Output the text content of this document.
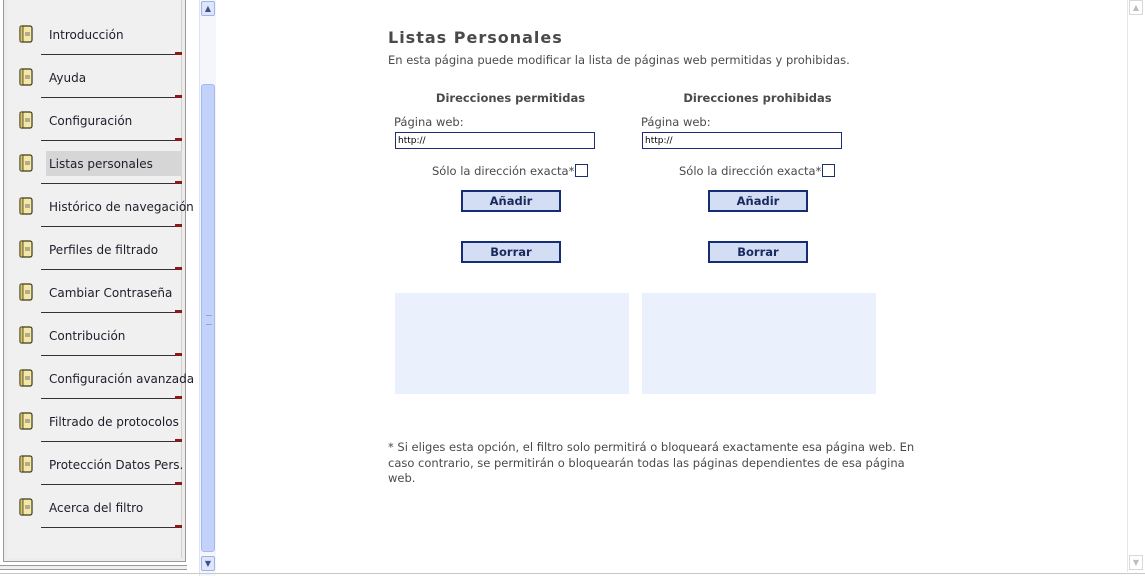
Introducción
Ayuda
Configuración
Listas personales
Histórico de navegación
Perfiles de filtrado
Cambiar Contraseña
Contribución
Configuración avanzada
Filtrado de protocolos
Protección Datos Pers.
Acerca del filtro
▲
▼
Listas Personales
En esta página puede modificar la lista de páginas web permitidas y prohibidas.
Direcciones permitidas
Página web:
http://
Sólo la dirección exacta*
Añadir
Borrar
Direcciones prohibidas
Página web:
http://
Sólo la dirección exacta*
Añadir
Borrar
* Si eliges esta opción, el filtro solo permitirá o bloqueará exactamente esa página web. En caso contrario, se permitirán o bloquearán todas las páginas dependientes de esa página web.
▲
▼
